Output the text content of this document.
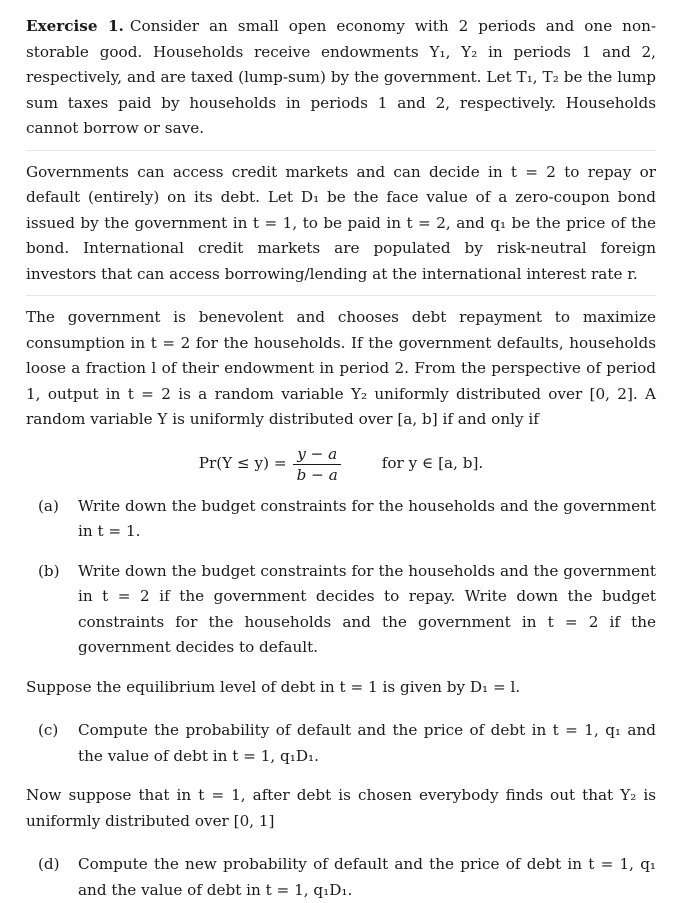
Exercise 1. Consider an small open economy with 2 periods and one non-storable good. Households receive endowments Y₁, Y₂ in periods 1 and 2, respectively, and are taxed (lump-sum) by the government. Let T₁, T₂ be the lump sum taxes paid by households in periods 1 and 2, respectively. Households cannot borrow or save.

Governments can access credit markets and can decide in t = 2 to repay or default (entirely) on its debt. Let D₁ be the face value of a zero-coupon bond issued by the government in t = 1, to be paid in t = 2, and q₁ be the price of the bond. International credit markets are populated by risk-neutral foreign investors that can access borrowing/lending at the international interest rate r.

The government is benevolent and chooses debt repayment to maximize consumption in t = 2 for the households. If the government defaults, households loose a fraction l of their endowment in period 2. From the perspective of period 1, output in t = 2 is a random variable Y₂ uniformly distributed over [0, 2]. A random variable Y is uniformly distributed over [a, b] if and only if

$Pr(Y \le y) = \frac{y - a}{b - a}$	for y ∈ [a, b].
(a)	Write down the budget constraints for the households and the government in t = 1.

(b)	Write down the budget constraints for the households and the government in t = 2 if the government decides to repay. Write down the budget constraints for the households and the government in t = 2 if the government decides to default.

Suppose the equilibrium level of debt in t = 1 is given by D₁ = l.

(c)	Compute the probability of default and the price of debt in t = 1, q₁ and the value of debt in t = 1, q₁D₁.

Now suppose that in t = 1, after debt is chosen everybody finds out that Y₂ is uniformly distributed over [0, 1]

(d)	Compute the new probability of default and the price of debt in t = 1, q₁ and the value of debt in t = 1, q₁D₁.
